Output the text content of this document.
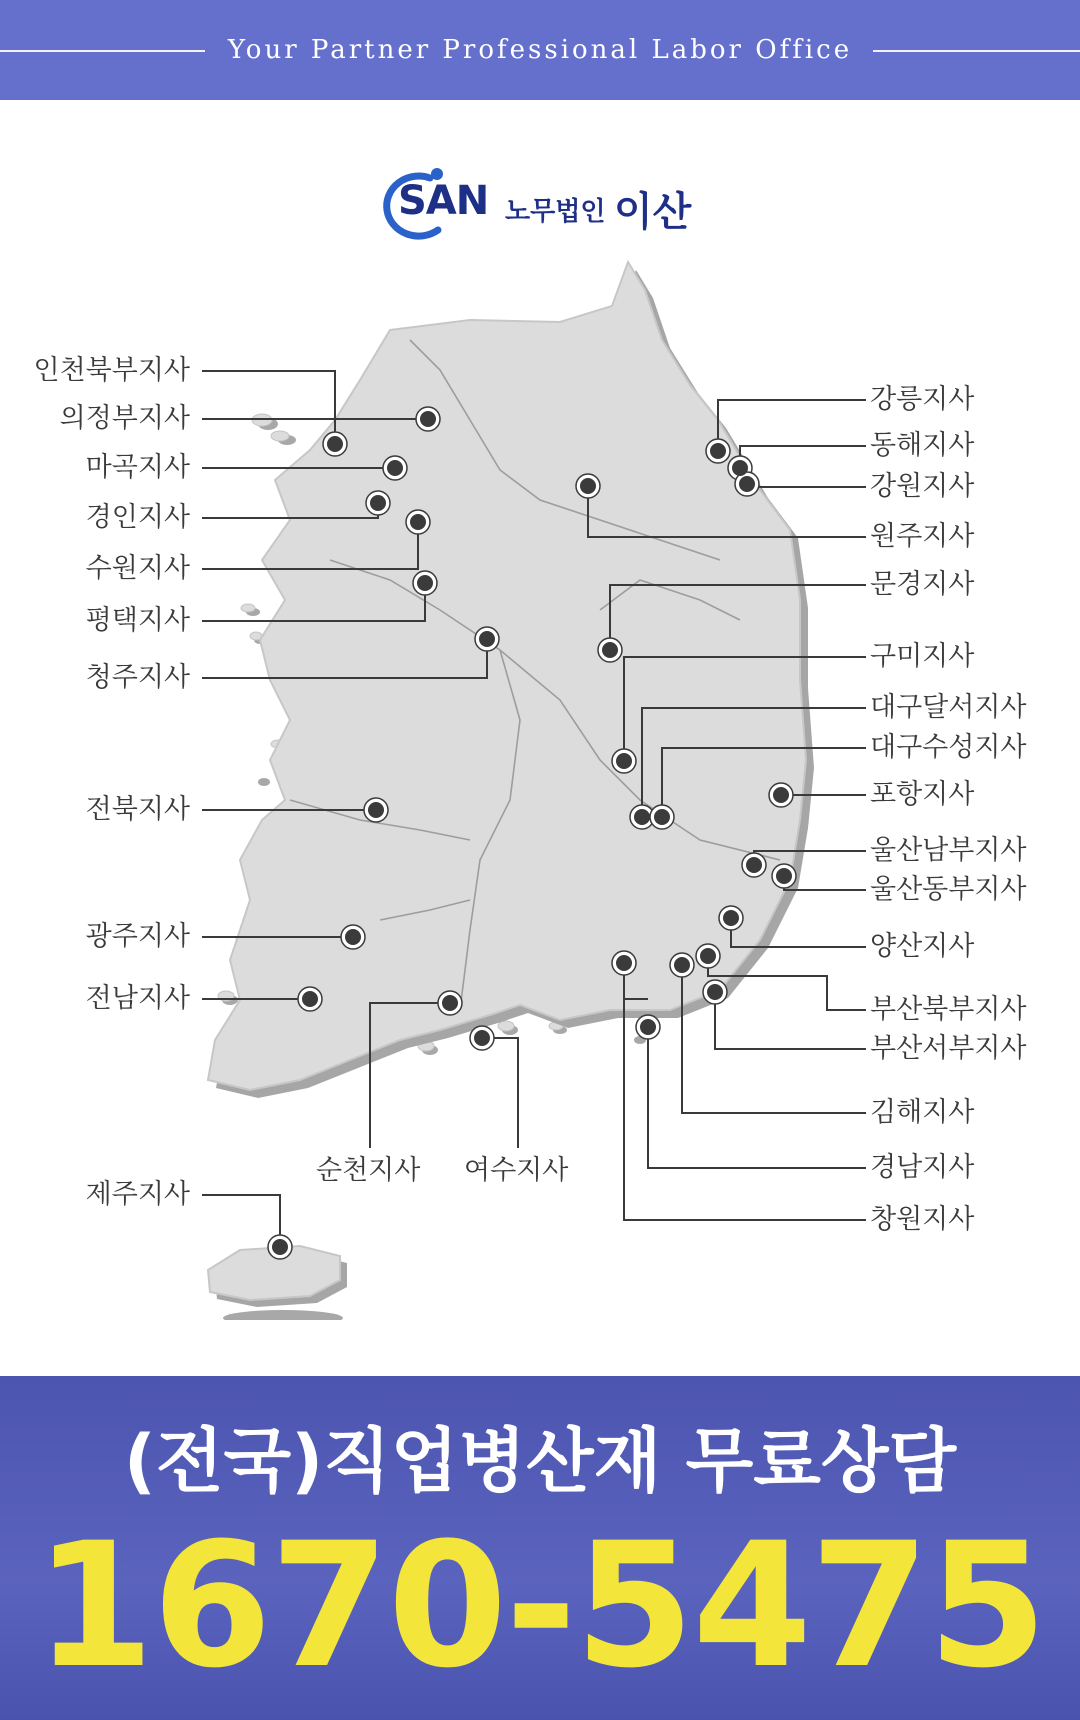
Your Partner Professional Labor Office
SAN 노무법인 이산
인천북부지사
의정부지사
마곡지사
경인지사
수원지사
평택지사
청주지사
전북지사
광주지사
전남지사
제주지사
순천지사 여수지사
강릉지사
동해지사
강원지사
원주지사
문경지사
구미지사
대구달서지사
대구수성지사
포항지사
울산남부지사
울산동부지사
양산지사
부산북부지사
부산서부지사
김해지사
경남지사
창원지사
(전국)직업병산재 무료상담
1670-5475
